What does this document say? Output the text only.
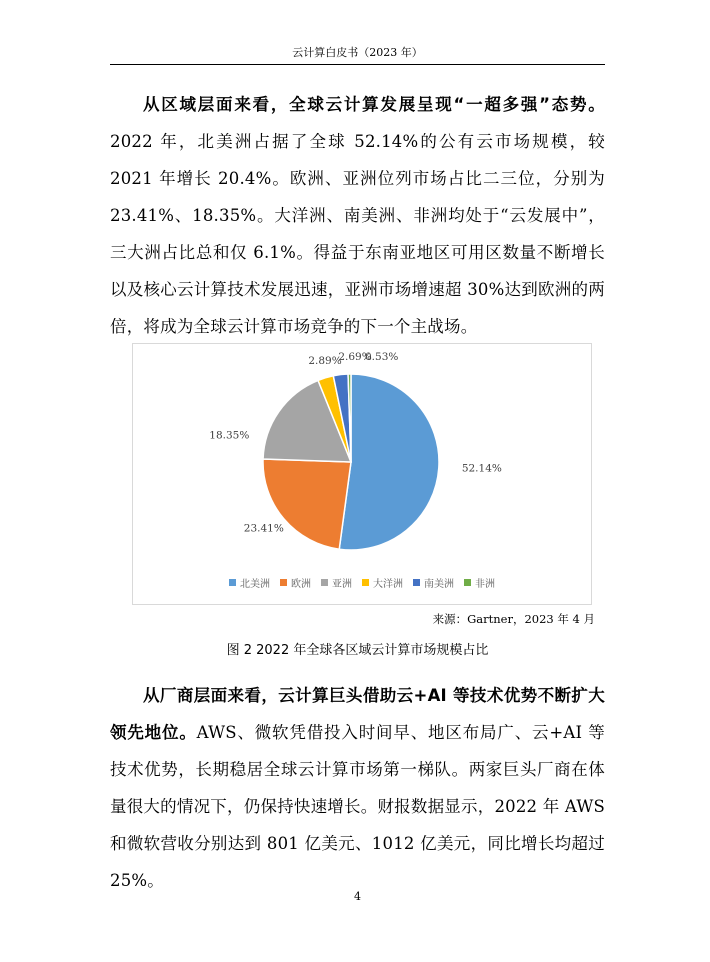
云计算白皮书（2023 年）

从区域层面来看，全球云计算发展呈现“一超多强”态势。2022 年，北美洲占据了全球 52.14%的公有云市场规模，较 2021 年增长 20.4%。欧洲、亚洲位列市场占比二三位，分别为 23.41%、18.35%。大洋洲、南美洲、非洲均处于“云发展中”，三大洲占比总和仅 6.1%。得益于东南亚地区可用区数量不断增长以及核心云计算技术发展迅速，亚洲市场增速超 30%达到欧洲的两倍，将成为全球云计算市场竞争的下一个主战场。

52.14%
23.41%
18.35%
2.89%
2.69%
0.53%
北美洲 欧洲 亚洲 大洋洲 南美洲 非洲
来源：Gartner，2023 年 4 月
图 2 2022 年全球各区域云计算市场规模占比

从厂商层面来看，云计算巨头借助云+AI 等技术优势不断扩大领先地位。AWS、微软凭借投入时间早、地区布局广、云+AI 等技术优势，长期稳居全球云计算市场第一梯队。两家巨头厂商在体量很大的情况下，仍保持快速增长。财报数据显示，2022 年 AWS 和微软营收分别达到 801 亿美元、1012 亿美元，同比增长均超过 25%。

4
